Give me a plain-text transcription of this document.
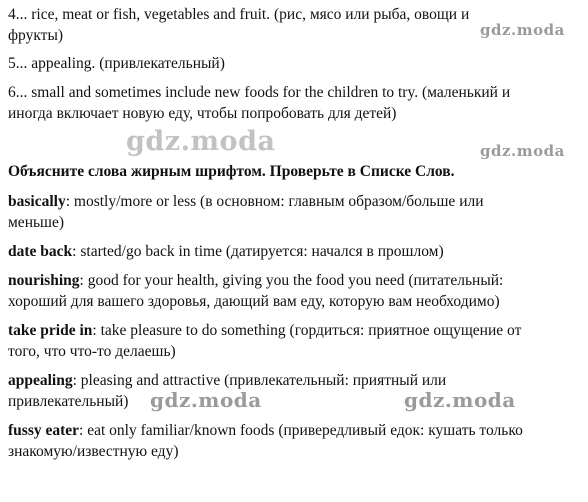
4... rice, meat or fish, vegetables and fruit. (рис, мясо или рыба, овощи и

фрукты)

5... appealing. (привлекательный)

6... small and sometimes include new foods for the children to try. (маленький и

иногда включает новую еду, чтобы попробовать для детей)

Объясните слова жирным шрифтом. Проверьте в Списке Слов.

basically: mostly/more or less (в основном: главным образом/больше или

меньше)

date back: started/go back in time (датируется: начался в прошлом)

nourishing: good for your health, giving you the food you need (питательный:

хороший для вашего здоровья, дающий вам еду, которую вам необходимо)

take pride in: take pleasure to do something (гордиться: приятное ощущение от

того, что что-то делаешь)

appealing: pleasing and attractive (привлекательный: приятный или

привлекательный)

fussy eater: eat only familiar/known foods (привередливый едок: кушать только

знакомую/известную еду)

gdz.moda
gdz.moda	gdz.moda
gdz.moda	gdz.moda
